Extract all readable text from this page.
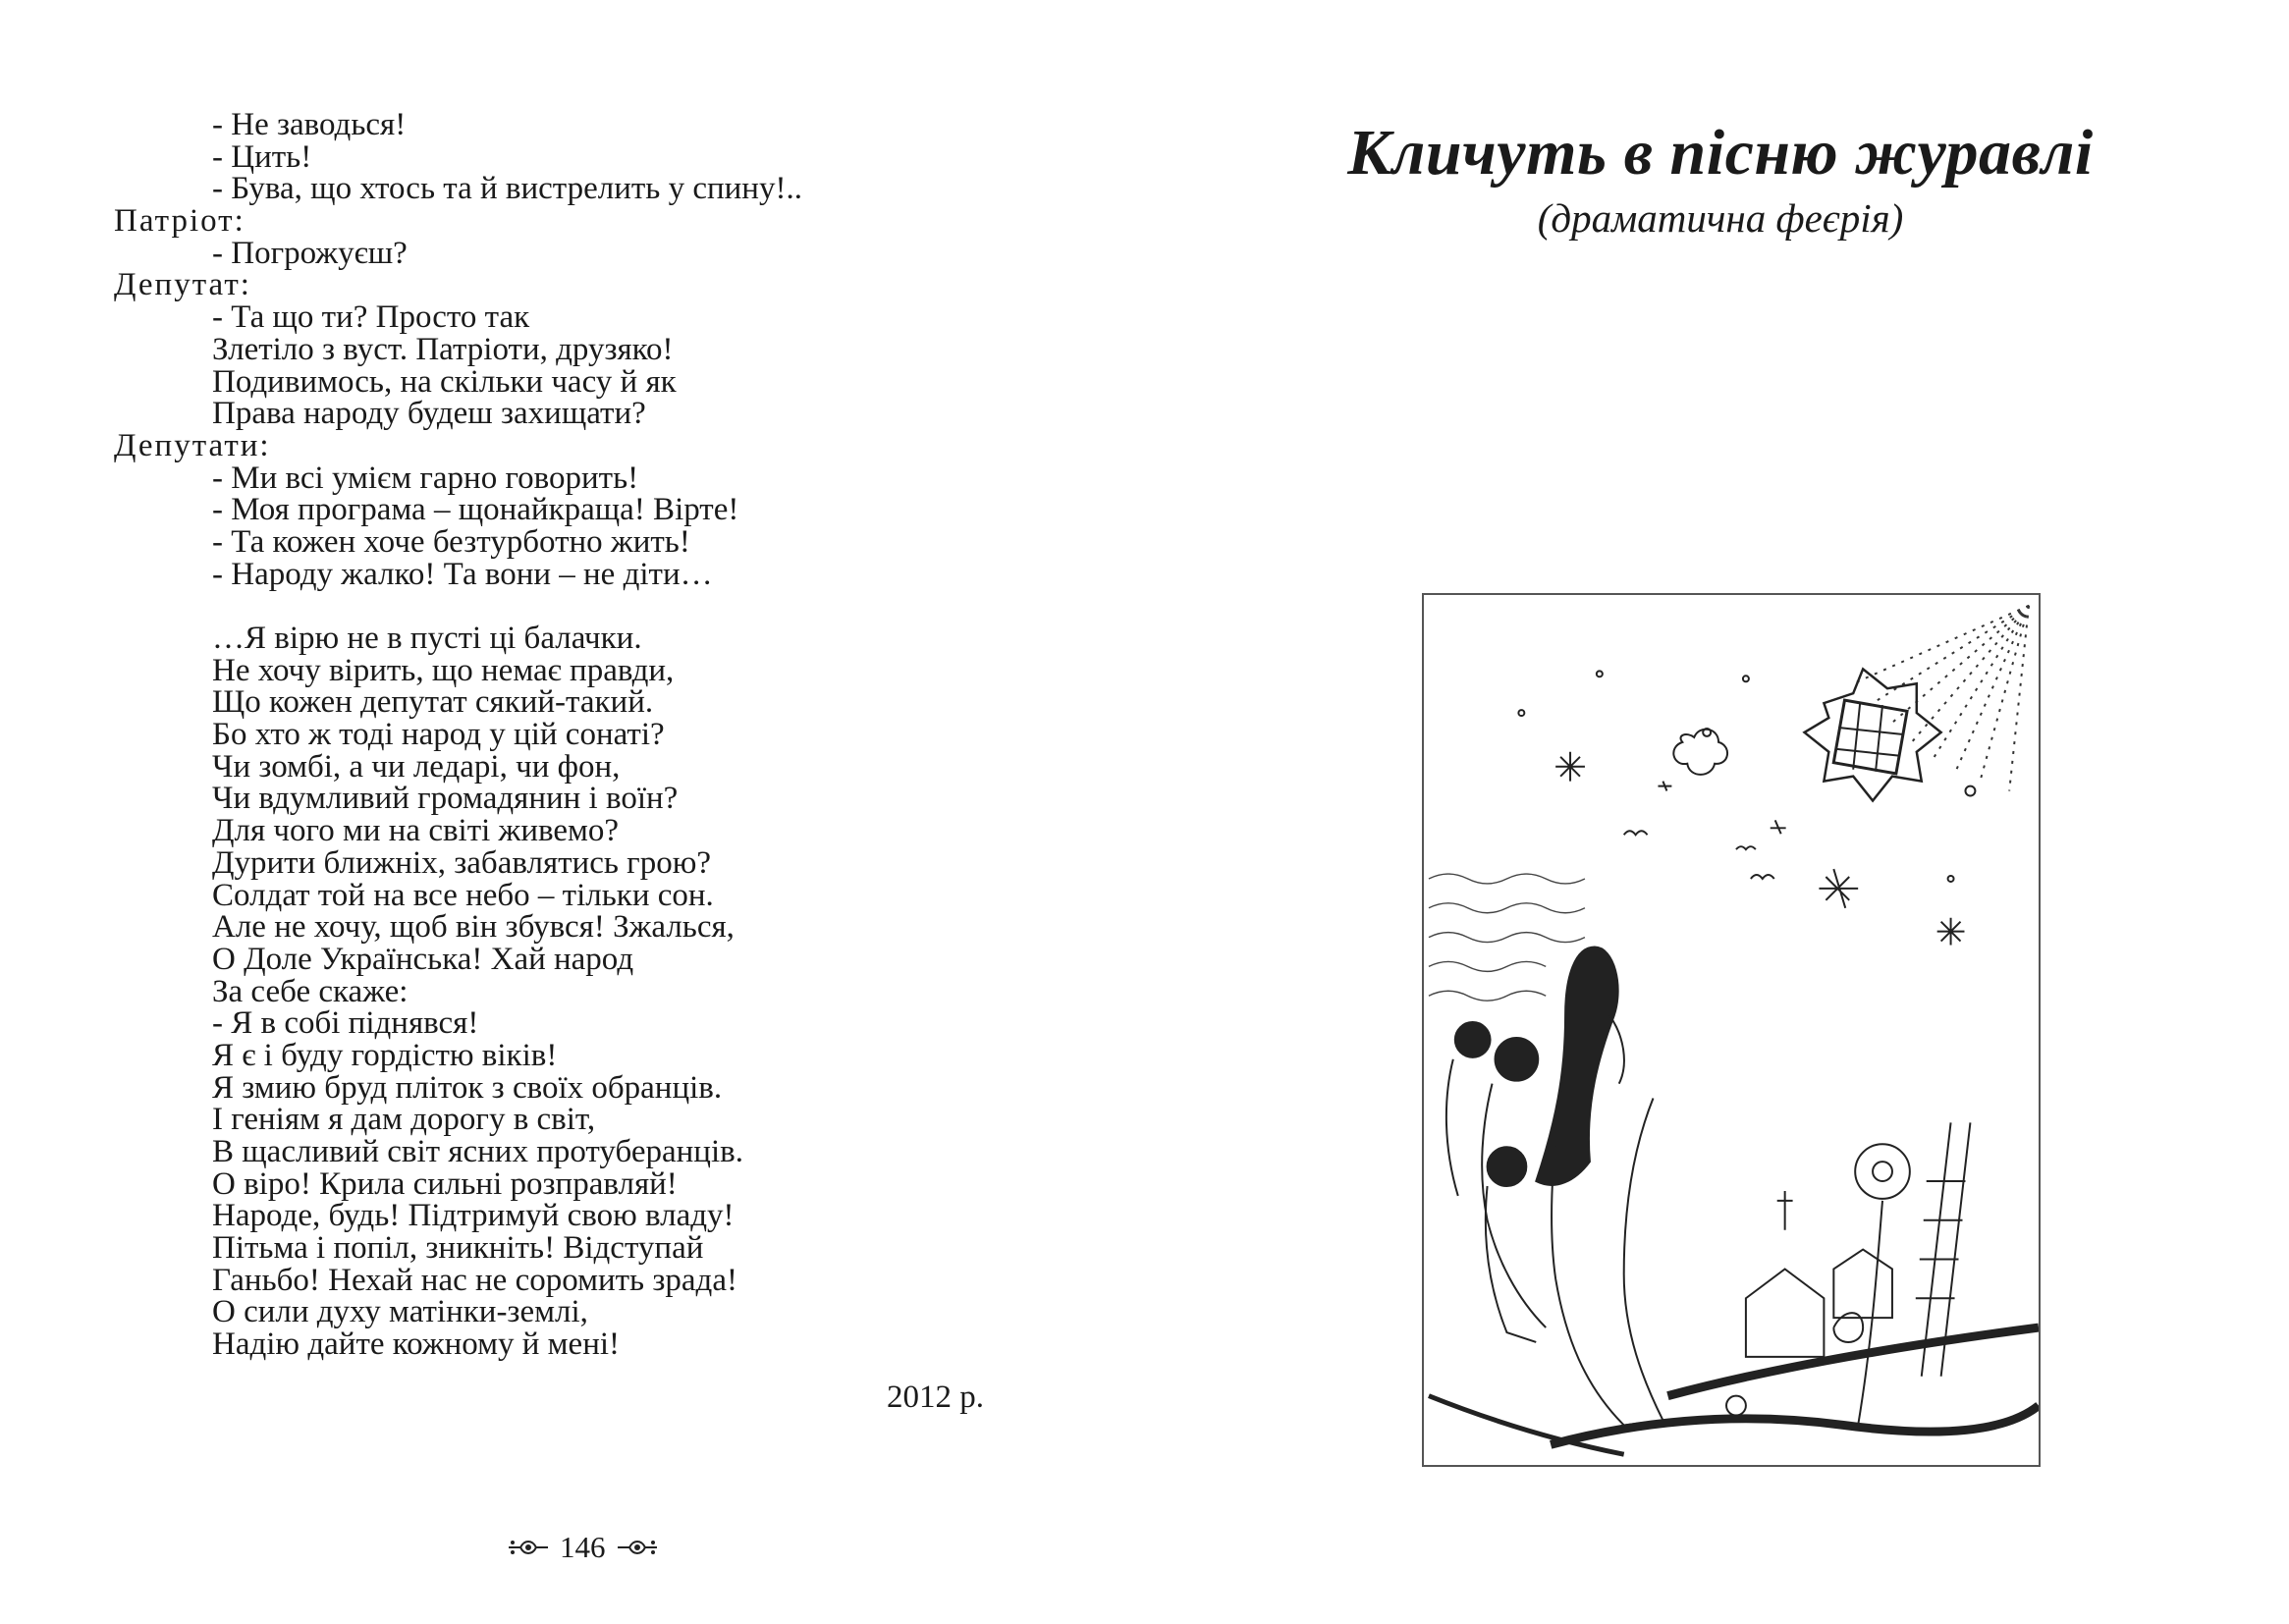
- Не заводься!
- Цить!
- Бува, що хтось та й вистрелить у спину!..
Патріот:
- Погрожуєш?
Депутат:
- Та що ти? Просто так
Злетіло з вуст. Патріоти, друзяко!
Подивимось, на скільки часу й як
Права народу будеш захищати?
Депутати:
- Ми всі умієм гарно говорить!
- Моя програма – щонайкраща! Вірте!
- Та кожен хоче безтурботно жить!
- Народу жалко! Та вони – не діти…
…Я вірю не в пусті ці балачки.
Не хочу вірить, що немає правди,
Що кожен депутат сякий-такий.
Бо хто ж тоді народ у цій сонаті?
Чи зомбі, а чи ледарі, чи фон,
Чи вдумливий громадянин і воїн?
Для чого ми на світі живемо?
Дурити ближніх, забавлятись грою?
Солдат той на все небо – тільки сон.
Але не хочу, щоб він збувся! Зжалься,
О Доле Українська! Хай народ
За себе скаже:
- Я в собі піднявся!
Я є і буду гордістю віків!
Я змию бруд пліток з своїх обранців.
І геніям я дам дорогу в світ,
В щасливий світ ясних протуберанців.
О віро! Крила сильні розправляй!
Народе, будь! Підтримуй свою владу!
Пітьма і попіл, зникніть! Відступай
Ганьбо! Нехай нас не соромить зрада!
О сили духу матінки-землі,
Надію дайте кожному й мені!
2012 р.
146
Кличуть в пісню журавлі
(драматична феєрія)
